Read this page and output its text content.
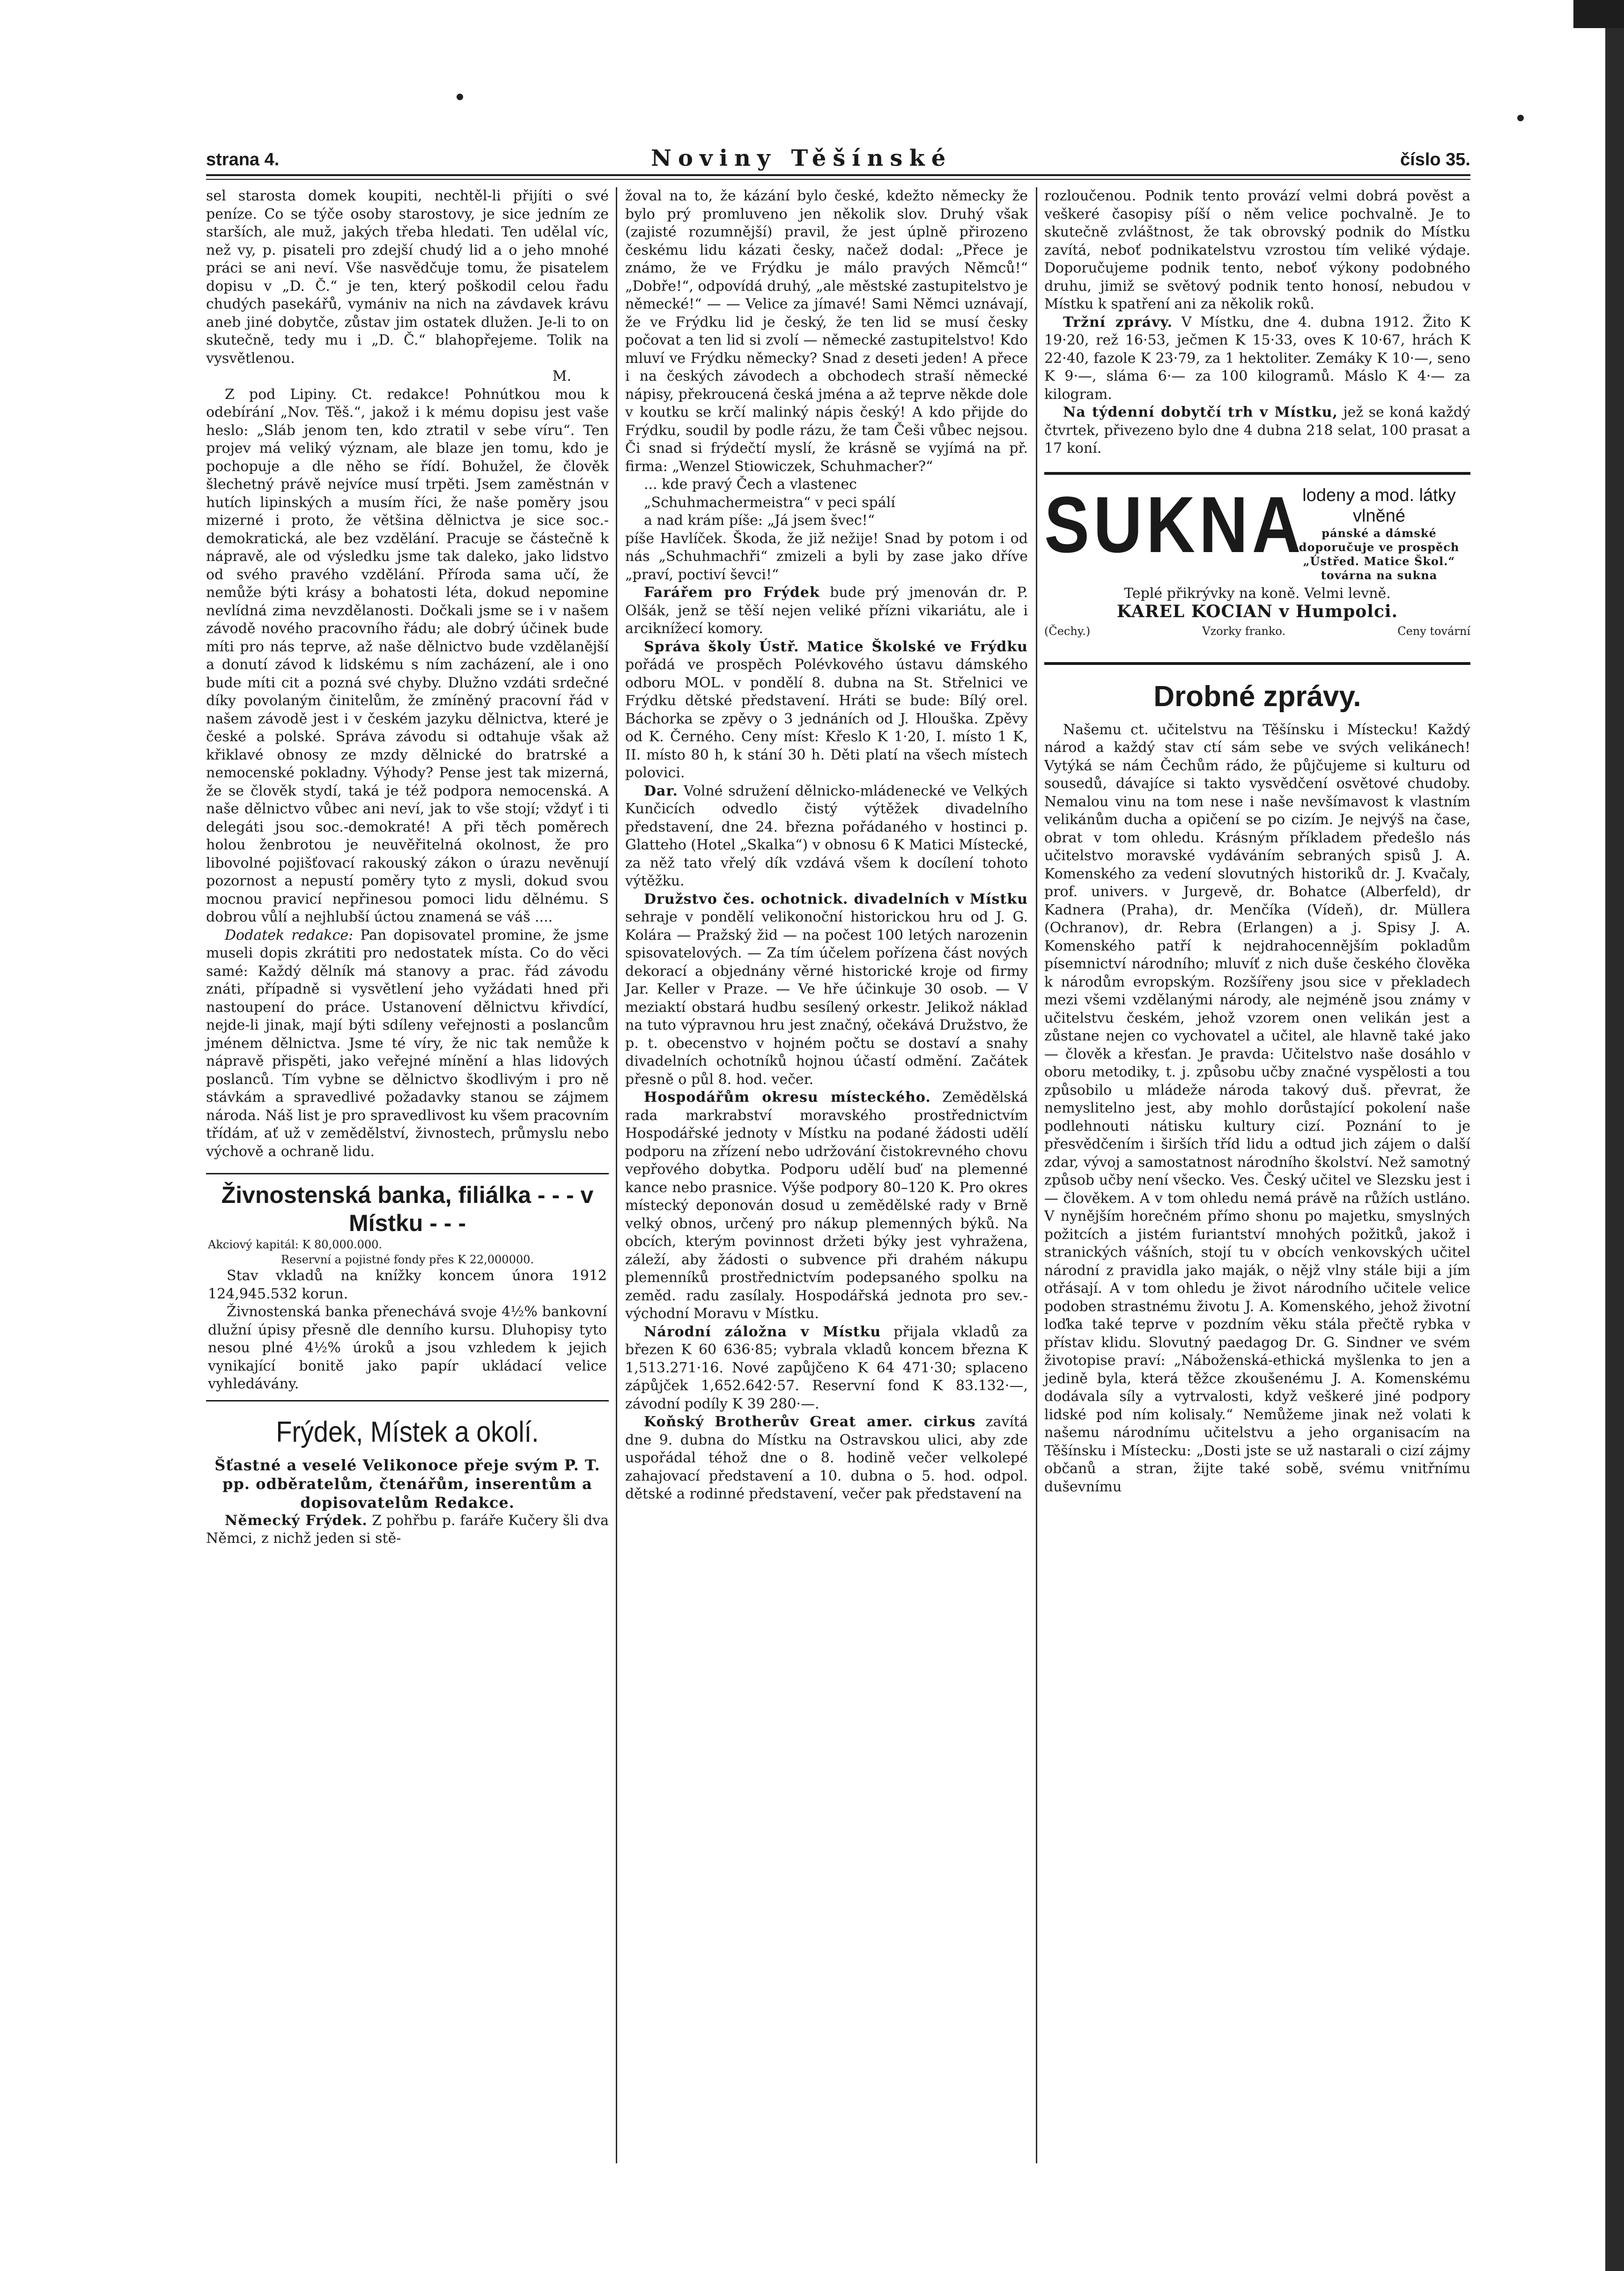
strana 4.	Noviny Těšínské	číslo 35.

sel starosta domek koupiti, nechtěl-li přijíti o své peníze. Co se týče osoby starostovy, je sice jedním ze starších, ale muž, jakých třeba hledati. Ten udělal víc, než vy, p. pisateli pro zdejší chudý lid a o jeho mnohé práci se ani neví. Vše nasvědčuje tomu, že pisatelem dopisu v „D. Č.“ je ten, který poškodil celou řadu chudých pasekářů, vymániv na nich na závdavek krávu aneb jiné dobytče, zůstav jim ostatek dlužen. Je-li to on skutečně, tedy mu i „D. Č.“ blahopřejeme. Tolik na vysvětlenou.

M.

Z pod Lipiny. Ct. redakce! Pohnútkou mou k odebírání „Nov. Těš.“, jakož i k mému dopisu jest vaše heslo: „Sláb jenom ten, kdo ztratil v sebe víru“. Ten projev má veliký význam, ale blaze jen tomu, kdo je pochopuje a dle něho se řídí. Bohužel, že člověk šlechetný právě nejvíce musí trpěti. Jsem zaměstnán v hutích lipinských a musím říci, že naše poměry jsou mizerné i proto, že většina dělnictva je sice soc.-demokratická, ale bez vzdělání. Pracuje se částečně k nápravě, ale od výsledku jsme tak daleko, jako lidstvo od svého pravého vzdělání. Příroda sama učí, že nemůže býti krásy a bohatosti léta, dokud nepomine nevlídná zima nevzdělanosti. Dočkali jsme se i v našem závodě nového pracovního řádu; ale dobrý účinek bude míti pro nás teprve, až naše dělnictvo bude vzdělanější a donutí závod k lidskému s ním zacházení, ale i ono bude míti cit a pozná své chyby. Dlužno vzdáti srdečné díky povolaným činitelům, že zmíněný pracovní řád v našem závodě jest i v českém jazyku dělnictva, které je české a polské. Správa závodu si odtahuje však až křiklavé obnosy ze mzdy dělnické do bratrské a nemocenské pokladny. Výhody? Pense jest tak mizerná, že se člověk stydí, taká je též podpora nemocenská. A naše dělnictvo vůbec ani neví, jak to vše stojí; vždyť i ti delegáti jsou soc.-demokraté! A při těch poměrech holou ženbrotou je neuvěřitelná okolnost, že pro libovolné pojišťovací rakouský zákon o úrazu nevěnují pozornost a nepustí poměry tyto z mysli, dokud svou mocnou pravicí nepřinesou pomoci lidu dělnému. S dobrou vůlí a nejhlubší úctou znamená se váš ....

Dodatek redakce: Pan dopisovatel promine, že jsme museli dopis zkrátiti pro nedostatek místa. Co do věci samé: Každý dělník má stanovy a prac. řád závodu znáti, případně si vysvětlení jeho vyžádati hned při nastoupení do práce. Ustanovení dělnictvu křivdící, nejde-li jinak, mají býti sdíleny veřejnosti a poslancům jménem dělnictva. Jsme té víry, že nic tak nemůže k nápravě přispěti, jako veřejné mínění a hlas lidových poslanců. Tím vybne se dělnictvo škodlivým i pro ně stávkám a spravedlivé požadavky stanou se zájmem národa. Náš list je pro spravedlivost ku všem pracovním třídám, ať už v zemědělství, živnostech, průmyslu nebo výchově a ochraně lidu.

Živnostenská banka, filiálka - - - v Místku - - -

Akciový kapitál: K 80,000.000.

Reservní a pojistné fondy přes K 22,000000.

Stav vkladů na knížky koncem února 1912 124,945.532 korun.

Živnostenská banka přenechává svoje 4½% bankovní dlužní úpisy přesně dle denního kursu. Dluhopisy tyto nesou plné 4½% úroků a jsou vzhledem k jejich vynikající bonitě jako papír ukládací velice vyhledávány.

Frýdek, Místek a okolí.

Šťastné a veselé Velikonoce přeje svým P. T. pp. odběratelům, čtenářům, inserentům a dopisovatelům Redakce.

Německý Frýdek. Z pohřbu p. faráře Kučery šli dva Němci, z nichž jeden si stě-

žoval na to, že kázání bylo české, kdežto německy že bylo prý promluveno jen několik slov. Druhý však (zajisté rozumnější) pravil, že jest úplně přirozeno českému lidu kázati česky, načež dodal: „Přece je známo, že ve Frýdku je málo pravých Němců!“ „Dobře!“, odpovídá druhý, „ale městské zastupitelstvo je německé!“ — — Velice za jímavé! Sami Němci uznávají, že ve Frýdku lid je český, že ten lid se musí česky počovat a ten lid si zvolí — německé zastupitelstvo! Kdo mluví ve Frýdku německy? Snad z deseti jeden! A přece i na českých závodech a obchodech straší německé nápisy, překroucená česká jména a až teprve někde dole v koutku se krčí malinký nápis český! A kdo přijde do Frýdku, soudil by podle rázu, že tam Češi vůbec nejsou. Či snad si frýdečtí myslí, že krásně se vyjímá na př. firma: „Wenzel Stiowiczek, Schuhmacher?“

... kde pravý Čech a vlastenec

„Schuhmachermeistra“ v peci spálí

a nad krám píše: „Já jsem švec!“

píše Havlíček. Škoda, že již nežije! Snad by potom i od nás „Schuhmachři“ zmizeli a byli by zase jako dříve „praví, poctiví ševci!“

Farářem pro Frýdek bude prý jmenován dr. P. Olšák, jenž se těší nejen veliké přízni vikariátu, ale i arciknížecí komory.

Správa školy Ústř. Matice Školské ve Frýdku pořádá ve prospěch Polévkového ústavu dámského odboru MOL. v pondělí 8. dubna na St. Střelnici ve Frýdku dětské představení. Hráti se bude: Bílý orel. Báchorka se zpěvy o 3 jednáních od J. Hlouška. Zpěvy od K. Černého. Ceny míst: Křeslo K 1·20, I. místo 1 K, II. místo 80 h, k stání 30 h. Děti platí na všech místech polovici.

Dar. Volné sdružení dělnicko-mládenecké ve Velkých Kunčicích odvedlo čistý výtěžek divadelního představení, dne 24. března pořádaného v hostinci p. Glatteho (Hotel „Skalka“) v obnosu 6 K Matici Místecké, za něž tato vřelý dík vzdává všem k docílení tohoto výtěžku.

Družstvo čes. ochotnick. divadelních v Místku sehraje v pondělí velikonoční historickou hru od J. G. Kolára — Pražský žid — na počest 100 letých narozenin spisovatelových. — Za tím účelem pořízena část nových dekorací a objednány věrné historické kroje od firmy Jar. Keller v Praze. — Ve hře účinkuje 30 osob. — V meziaktí obstará hudbu sesílený orkestr. Jelikož náklad na tuto výpravnou hru jest značný, očekává Družstvo, že p. t. obecenstvo v hojném počtu se dostaví a snahy divadelních ochotníků hojnou účastí odmění. Začátek přesně o půl 8. hod. večer.

Hospodářům okresu místeckého. Zemědělská rada markrabství moravského prostřednictvím Hospodářské jednoty v Místku na podané žádosti udělí podporu na zřízení nebo udržování čistokrevného chovu vepřového dobytka. Podporu udělí buď na plemenné kance nebo prasnice. Výše podpory 80–120 K. Pro okres místecký deponován dosud u zemědělské rady v Brně velký obnos, určený pro nákup plemenných býků. Na obcích, kterým povinnost držeti býky jest vyhražena, záleží, aby žádosti o subvence při drahém nákupu plemenníků prostřednictvím podepsaného spolku na zeměd. radu zasílaly. Hospodářská jednota pro sev.-východní Moravu v Místku.

Národní záložna v Místku přijala vkladů za březen K 60 636·85; vybrala vkladů koncem března K 1,513.271·16. Nové zapůjčeno K 64 471·30; splaceno zápůjček 1,652.642·57. Reservní fond K 83.132·—, závodní podíly K 39 280·—.

Koňský Brotherův Great amer. cirkus zavítá dne 9. dubna do Místku na Ostravskou ulici, aby zde uspořádal téhož dne o 8. hodině večer velkolepé zahajovací představení a 10. dubna o 5. hod. odpol. dětské a rodinné představení, večer pak představení na

rozloučenou. Podnik tento provází velmi dobrá pověst a veškeré časopisy píší o něm velice pochvalně. Je to skutečně zvláštnost, že tak obrovský podnik do Místku zavítá, neboť podnikatelstvu vzrostou tím veliké výdaje. Doporučujeme podnik tento, neboť výkony podobného druhu, jimiž se světový podnik tento honosí, nebudou v Místku k spatření ani za několik roků.

Tržní zprávy. V Místku, dne 4. dubna 1912. Žito K 19·20, rež 16·53, ječmen K 15·33, oves K 10·67, hrách K 22·40, fazole K 23·79, za 1 hektoliter. Zemáky K 10·—, seno K 9·—, sláma 6·— za 100 kilogramů. Máslo K 4·— za kilogram.

Na týdenní dobytčí trh v Místku, jež se koná každý čtvrtek, přivezeno bylo dne 4 dubna 218 selat, 100 prasat a 17 koní.

SUKNA
lodeny a mod. látky vlněné
pánské a dámské
doporučuje ve prospěch „Ústřed. Matice Škol.“
továrna na sukna
Teplé přikrývky na koně. Velmi levně.
KAREL KOCIAN v Humpolci.
(Čechy.)	Vzorky franko.	Ceny tovární
Drobné zprávy.

Našemu ct. učitelstvu na Těšínsku i Místecku! Každý národ a každý stav ctí sám sebe ve svých velikánech! Vytýká se nám Čechům rádo, že půjčujeme si kulturu od sousedů, dávajíce si takto vysvědčení osvětové chudoby. Nemalou vinu na tom nese i naše nevšímavost k vlastním velikánům ducha a opičení se po cizím. Je nejvýš na čase, obrat v tom ohledu. Krásným příkladem předešlo nás učitelstvo moravské vydáváním sebraných spisů J. A. Komenského za vedení slovutných historiků dr. J. Kvačaly, prof. univers. v Jurgevě, dr. Bohatce (Alberfeld), dr Kadnera (Praha), dr. Menčíka (Vídeň), dr. Müllera (Ochranov), dr. Rebra (Erlangen) a j. Spisy J. A. Komenského patří k nejdrahocennějším pokladům písemnictví národního; mluvíť z nich duše českého člověka k národům evropským. Rozšířeny jsou sice v překladech mezi všemi vzdělanými národy, ale nejméně jsou známy v učitelstvu českém, jehož vzorem onen velikán jest a zůstane nejen co vychovatel a učitel, ale hlavně také jako — člověk a křesťan. Je pravda: Učitelstvo naše dosáhlo v oboru metodiky, t. j. způsobu učby značné vyspělosti a tou způsobilo u mládeže národa takový duš. převrat, že nemyslitelno jest, aby mohlo dorůstající pokolení naše podlehnouti nátisku kultury cizí. Poznání to je přesvědčením i širších tříd lidu a odtud jich zájem o další zdar, vývoj a samostatnost národního školství. Než samotný způsob učby není všecko. Ves. Český učitel ve Slezsku jest i — člověkem. A v tom ohledu nemá právě na růžích ustláno. V nynějším horečném přímo shonu po majetku, smyslných požitcích a jistém furiantství mnohých požitků, jakož i stranických vášních, stojí tu v obcích venkovských učitel národní z pravidla jako maják, o nějž vlny stále biji a jím otřásají. A v tom ohledu je život národního učitele velice podoben strastnému životu J. A. Komenského, jehož životní loďka také teprve v pozdním věku stála přečtě rybka v přístav klidu. Slovutný paedagog Dr. G. Sindner ve svém životopise praví: „Náboženská-ethická myšlenka to jen a jedině byla, která těžce zkoušenému J. A. Komenskému dodávala síly a vytrvalosti, když veškeré jiné podpory lidské pod ním kolisaly.“ Nemůžeme jinak než volati k našemu národnímu učitelstvu a jeho organisacím na Těšínsku i Místecku: „Dosti jste se už nastarali o cizí zájmy občanů a stran, žijte také sobě, svému vnitřnímu duševnímu
